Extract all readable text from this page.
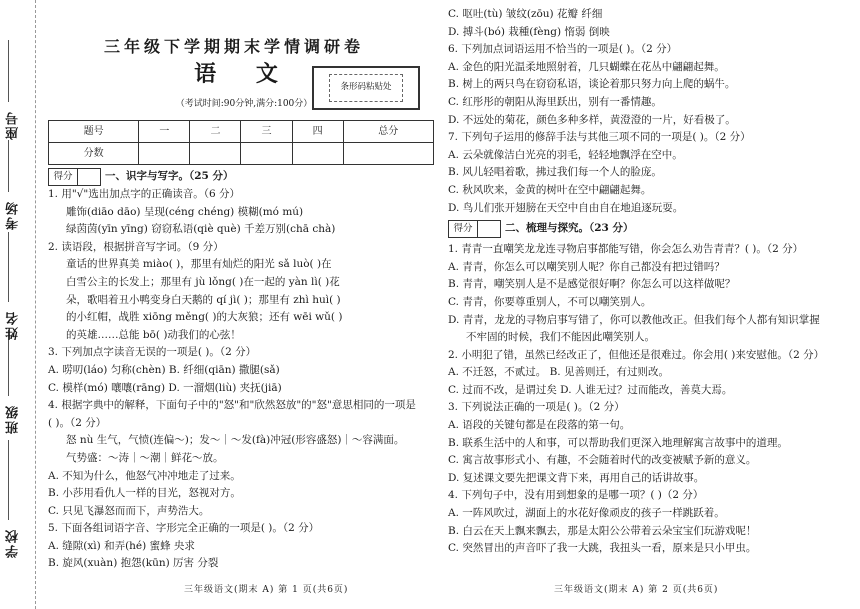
学校
班级
姓名
考场
座号
三年级下学期期末学情调研卷
语 文
（考试时间:90分钟,满分:100分）
条形码粘贴处
题号	一	二	三	四	总分
分数					
得分	一、识字与写字。（25 分）
1. 用"√"选出加点字的正确读音。（6 分）
雕饰(diāo dāo) 呈现(céng chéng) 模糊(mó mú)
绿茵茵(yīn yīng) 窃窃私语(qiè què) 千差万别(chā chà)
2. 读语段，根据拼音写字词。（9 分）
童话的世界真美 miào( )，那里有灿烂的阳光 sǎ luò( )在
白雪公主的长发上；那里有 jù lǒng( )在一起的 yàn lì( )花
朵，歌唱着丑小鸭变身白天鹅的 qí jì( )；那里有 zhì huì( )
的小红帽，战胜 xiōng měng( )的大灰狼；还有 wēi wǔ( )
的英雄……总能 bō( )动我们的心弦！
3. 下列加点字读音无误的一项是( )。（2 分）
A. 唠叨(láo) 匀称(chèn) B. 纤细(qiān) 撒腿(sǎ)
C. 模样(mó) 嚷嚷(rāng) D. 一溜烟(liù) 夹抚(jiā)
4. 根据字典中的解释，下面句子中的"怒"和"欣然怒放"的"怒"意思相同的一项是
( )。（2 分）
怒 nù 生气，气愤(连偏～)；发～｜～发(fà)冲冠(形容盛怒)｜～容满面。
气势盛：～涛｜～潮｜鲜花～放。
A. 不知为什么，他怒气冲冲地走了过来。
B. 小莎用看仇人一样的目光，怒视对方。
C. 只见飞瀑怒而而下，声势浩大。
5. 下面各组词语字音、字形完全正确的一项是( )。（2 分）
A. 缝隙(xì) 和弄(hé) 蜜蜂 央求
B. 旋风(xuàn) 抱怨(kūn) 厉害 分裂
三年级语文(期末 A) 第 1 页(共6页)
C. 呕吐(tù) 皱纹(zōu) 花瓣 纤细
D. 搏斗(bó) 栽種(fèng) 惰弱 倒映
6. 下列加点词语运用不恰当的一项是( )。（2 分）
A. 金色的阳光温柔地照射着，几只蝴蝶在花丛中翩翩起舞。
B. 树上的两只鸟在窃窃私语，谈论着那只努力向上爬的蜗牛。
C. 红彤彤的朝阳从海里跃出，别有一番情趣。
D. 不远处的菊花，颜色多种多样，黄澄澄的一片，好看极了。
7. 下列句子运用的修辞手法与其他三项不同的一项是( )。（2 分）
A. 云朵就像洁白光亮的羽毛，轻轻地飘浮在空中。
B. 风儿轻唱着歌，拂过我们每一个人的脸庞。
C. 秋风吹来，金黄的树叶在空中翩翩起舞。
D. 鸟儿们张开翅膀在天空中自由自在地追逐玩耍。
得分	二、梳理与探究。（23 分）
1. 青青一直嘲笑龙龙连寻物启事都能写错，你会怎么劝告青青？( )。（2 分）
A. 青青，你怎么可以嘲笑别人呢？你自己都没有把过错吗？
B. 青青，嘲笑别人是不是感觉很好啊？你怎么可以这样做呢？
C. 青青，你要尊重别人，不可以嘲笑别人。
D. 青青，龙龙的寻物启事写错了，你可以教他改正。但我们每个人都有知识掌握
不牢固的时候，我们不能因此嘲笑别人。
2. 小明犯了错，虽然已经改正了，但他还是很难过。你会用( )来安慰他。（2 分）
A. 不迁怒，不贰过。 B. 见善则迁，有过则改。
C. 过而不改，是谓过矣 D. 人谁无过？过而能改，善莫大焉。
3. 下列说法正确的一项是( )。（2 分）
A. 语段的关键句都是在段落的第一句。
B. 联系生活中的人和事，可以帮助我们更深入地理解寓言故事中的道理。
C. 寓言故事形式小、有趣，不会随着时代的改变被赋予新的意义。
D. 复述课文要先把课文背下来，再用自己的话讲故事。
4. 下列句子中，没有用到想象的是哪一项？( )（2 分）
A. 一阵风吹过，湖面上的水花好像顽皮的孩子一样跳跃着。
B. 白云在天上飘来飘去，那是太阳公公带着云朵宝宝们玩游戏呢！
C. 突然冒出的声音吓了我一大跳，我扭头一看，原来是只小甲虫。
三年级语文(期末 A) 第 2 页(共6页)
